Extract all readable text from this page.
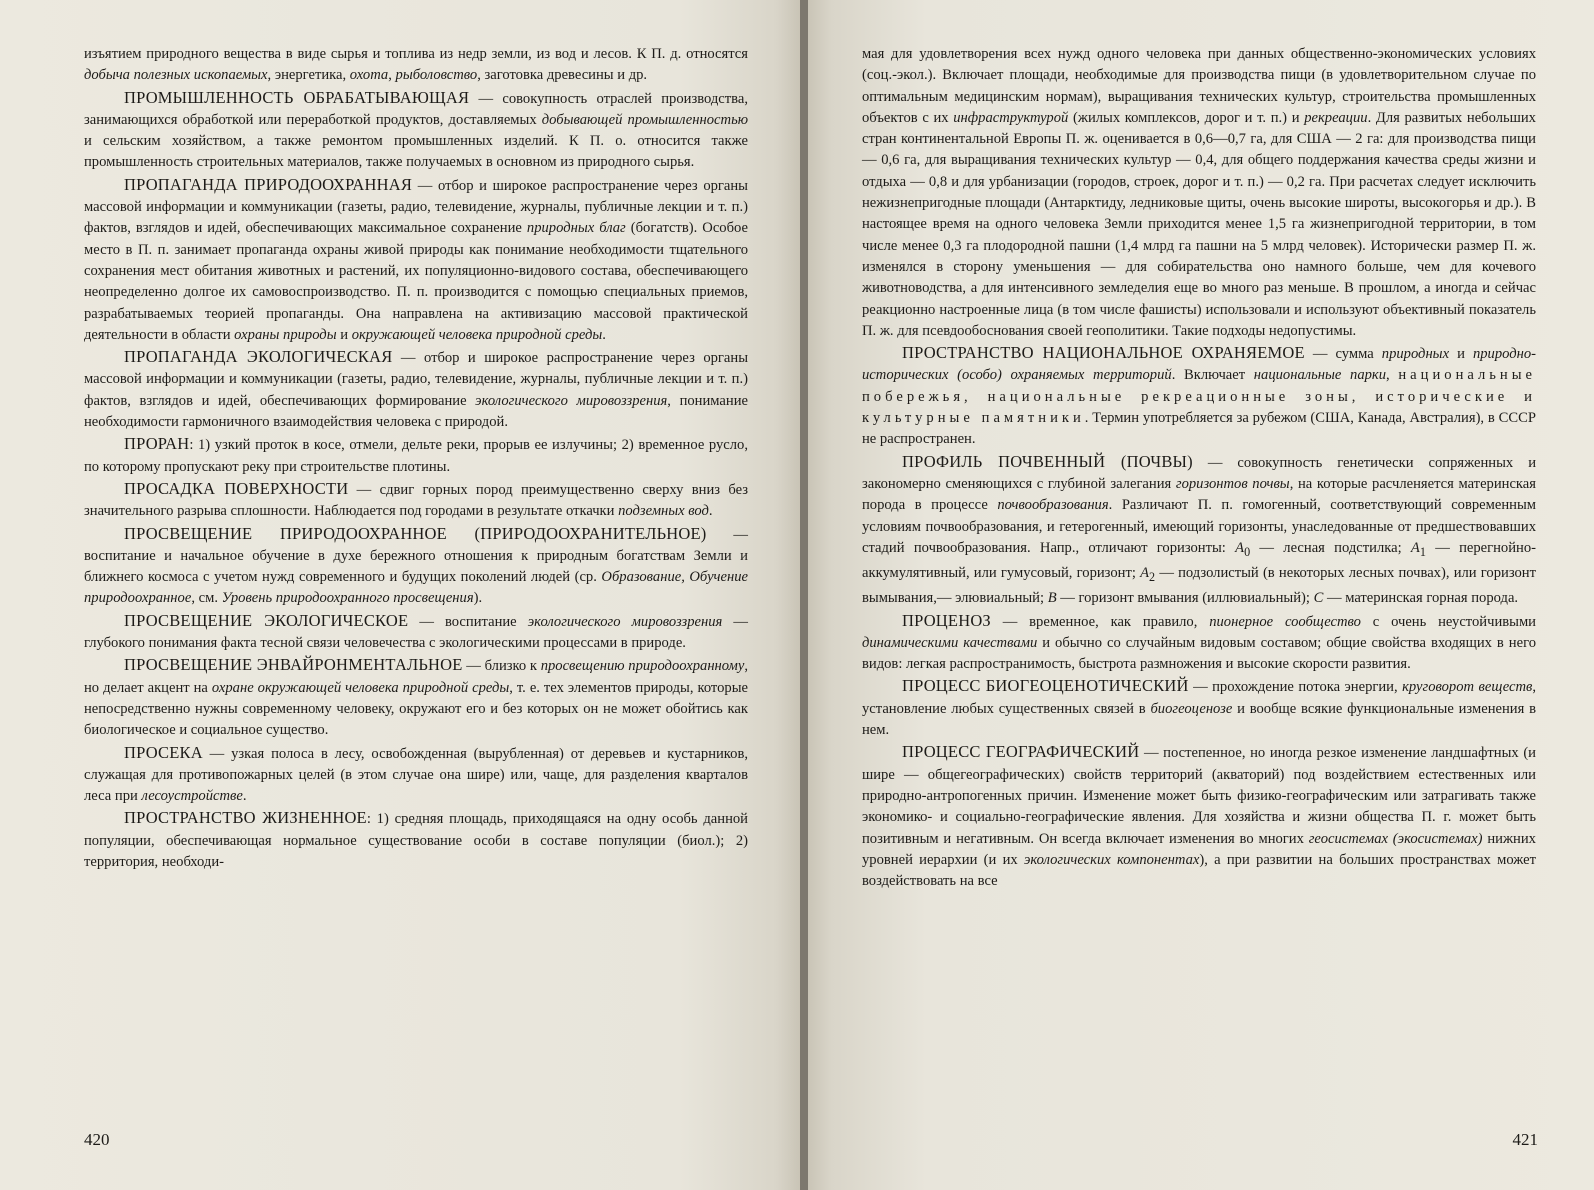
изъятием природного вещества в виде сырья и топлива из недр земли, из вод и лесов. К П. д. относятся добыча полезных ископаемых, энергетика, охота, рыболовство, заготовка древесины и др.

ПРОМЫШЛЕННОСТЬ ОБРАБАТЫВАЮЩАЯ — совокупность отраслей производства, занимающихся обработкой или переработкой продуктов, доставляемых добывающей промышленностью и сельским хозяйством, а также ремонтом промышленных изделий. К П. о. относится также промышленность строительных материалов, также получаемых в основном из природного сырья.

ПРОПАГАНДА ПРИРОДООХРАННАЯ — отбор и широкое распространение через органы массовой информации и коммуникации (газеты, радио, телевидение, журналы, публичные лекции и т. п.) фактов, взглядов и идей, обеспечивающих максимальное сохранение природных благ (богатств). Особое место в П. п. занимает пропаганда охраны живой природы как понимание необходимости тщательного сохранения мест обитания животных и растений, их популяционно-видового состава, обеспечивающего неопределенно долгое их самовоспроизводство. П. п. производится с помощью специальных приемов, разрабатываемых теорией пропаганды. Она направлена на активизацию массовой практической деятельности в области охраны природы и окружающей человека природной среды.

ПРОПАГАНДА ЭКОЛОГИЧЕСКАЯ — отбор и широкое распространение через органы массовой информации и коммуникации (газеты, радио, телевидение, журналы, публичные лекции и т. п.) фактов, взглядов и идей, обеспечивающих формирование экологического мировоззрения, понимание необходимости гармоничного взаимодействия человека с природой.

ПРОРАН: 1) узкий проток в косе, отмели, дельте реки, прорыв ее излучины; 2) временное русло, по которому пропускают реку при строительстве плотины.

ПРОСАДКА ПОВЕРХНОСТИ — сдвиг горных пород преимущественно сверху вниз без значительного разрыва сплошности. Наблюдается под городами в результате откачки подземных вод.

ПРОСВЕЩЕНИЕ ПРИРОДООХРАННОЕ (ПРИРОДООХРАНИТЕЛЬНОЕ) — воспитание и начальное обучение в духе бережного отношения к природным богатствам Земли и ближнего космоса с учетом нужд современного и будущих поколений людей (ср. Образование, Обучение природоохранное, см. Уровень природоохранного просвещения).

ПРОСВЕЩЕНИЕ ЭКОЛОГИЧЕСКОЕ — воспитание экологического мировоззрения — глубокого понимания факта тесной связи человечества с экологическими процессами в природе.

ПРОСВЕЩЕНИЕ ЭНВАЙРОНМЕНТАЛЬНОЕ — близко к просвещению природоохранному, но делает акцент на охране окружающей человека природной среды, т. е. тех элементов природы, которые непосредственно нужны современному человеку, окружают его и без которых он не может обойтись как биологическое и социальное существо.

ПРОСЕКА — узкая полоса в лесу, освобожденная (вырубленная) от деревьев и кустарников, служащая для противопожарных целей (в этом случае она шире) или, чаще, для разделения кварталов леса при лесоустройстве.

ПРОСТРАНСТВО ЖИЗНЕННОЕ: 1) средняя площадь, приходящаяся на одну особь данной популяции, обеспечивающая нормальное существование особи в составе популяции (биол.); 2) территория, необходи-

420

мая для удовлетворения всех нужд одного человека при данных общественно-экономических условиях (соц.-экол.). Включает площади, необходимые для производства пищи (в удовлетворительном случае по оптимальным медицинским нормам), выращивания технических культур, строительства промышленных объектов с их инфраструктурой (жилых комплексов, дорог и т. п.) и рекреации. Для развитых небольших стран континентальной Европы П. ж. оценивается в 0,6—0,7 га, для США — 2 га: для производства пищи — 0,6 га, для выращивания технических культур — 0,4, для общего поддержания качества среды жизни и отдыха — 0,8 и для урбанизации (городов, строек, дорог и т. п.) — 0,2 га. При расчетах следует исключить нежизнепригодные площади (Антарктиду, ледниковые щиты, очень высокие широты, высокогорья и др.). В настоящее время на одного человека Земли приходится менее 1,5 га жизнепригодной территории, в том числе менее 0,3 га плодородной пашни (1,4 млрд га пашни на 5 млрд человек). Исторически размер П. ж. изменялся в сторону уменьшения — для собирательства оно намного больше, чем для кочевого животноводства, а для интенсивного земледелия еще во много раз меньше. В прошлом, а иногда и сейчас реакционно настроенные лица (в том числе фашисты) использовали и используют объективный показатель П. ж. для псевдообоснования своей геополитики. Такие подходы недопустимы.

ПРОСТРАНСТВО НАЦИОНАЛЬНОЕ ОХРАНЯЕМОЕ — сумма природных и природно-исторических (особо) охраняемых территорий. Включает национальные парки, национальные побережья, национальные рекреационные зоны, исторические и культурные памятники. Термин употребляется за рубежом (США, Канада, Австралия), в СССР не распространен.

ПРОФИЛЬ ПОЧВЕННЫЙ (ПОЧВЫ) — совокупность генетически сопряженных и закономерно сменяющихся с глубиной залегания горизонтов почвы, на которые расчленяется материнская порода в процессе почвообразования. Различают П. п. гомогенный, соответствующий современным условиям почвообразования, и гетерогенный, имеющий горизонты, унаследованные от предшествовавших стадий почвообразования. Напр., отличают горизонты: $A_0$ — лесная подстилка; $A_1$ — перегнойно-аккумулятивный, или гумусовый, горизонт; $A_2$ — подзолистый (в некоторых лесных почвах), или горизонт вымывания,— элювиальный; B — горизонт вмывания (иллювиальный); C — материнская горная порода.

ПРОЦЕНОЗ — временное, как правило, пионерное сообщество с очень неустойчивыми динамическими качествами и обычно со случайным видовым составом; общие свойства входящих в него видов: легкая распространимость, быстрота размножения и высокие скорости развития.

ПРОЦЕСС БИОГЕОЦЕНОТИЧЕСКИЙ — прохождение потока энергии, круговорот веществ, установление любых существенных связей в биогеоценозе и вообще всякие функциональные изменения в нем.

ПРОЦЕСС ГЕОГРАФИЧЕСКИЙ — постепенное, но иногда резкое изменение ландшафтных (и шире — общегеографических) свойств территорий (акваторий) под воздействием естественных или природно-антропогенных причин. Изменение может быть физико-географическим или затрагивать также экономико- и социально-географические явления. Для хозяйства и жизни общества П. г. может быть позитивным и негативным. Он всегда включает изменения во многих геосистемах (экосистемах) нижних уровней иерархии (и их экологических компонентах), а при развитии на больших пространствах может воздействовать на все

421
